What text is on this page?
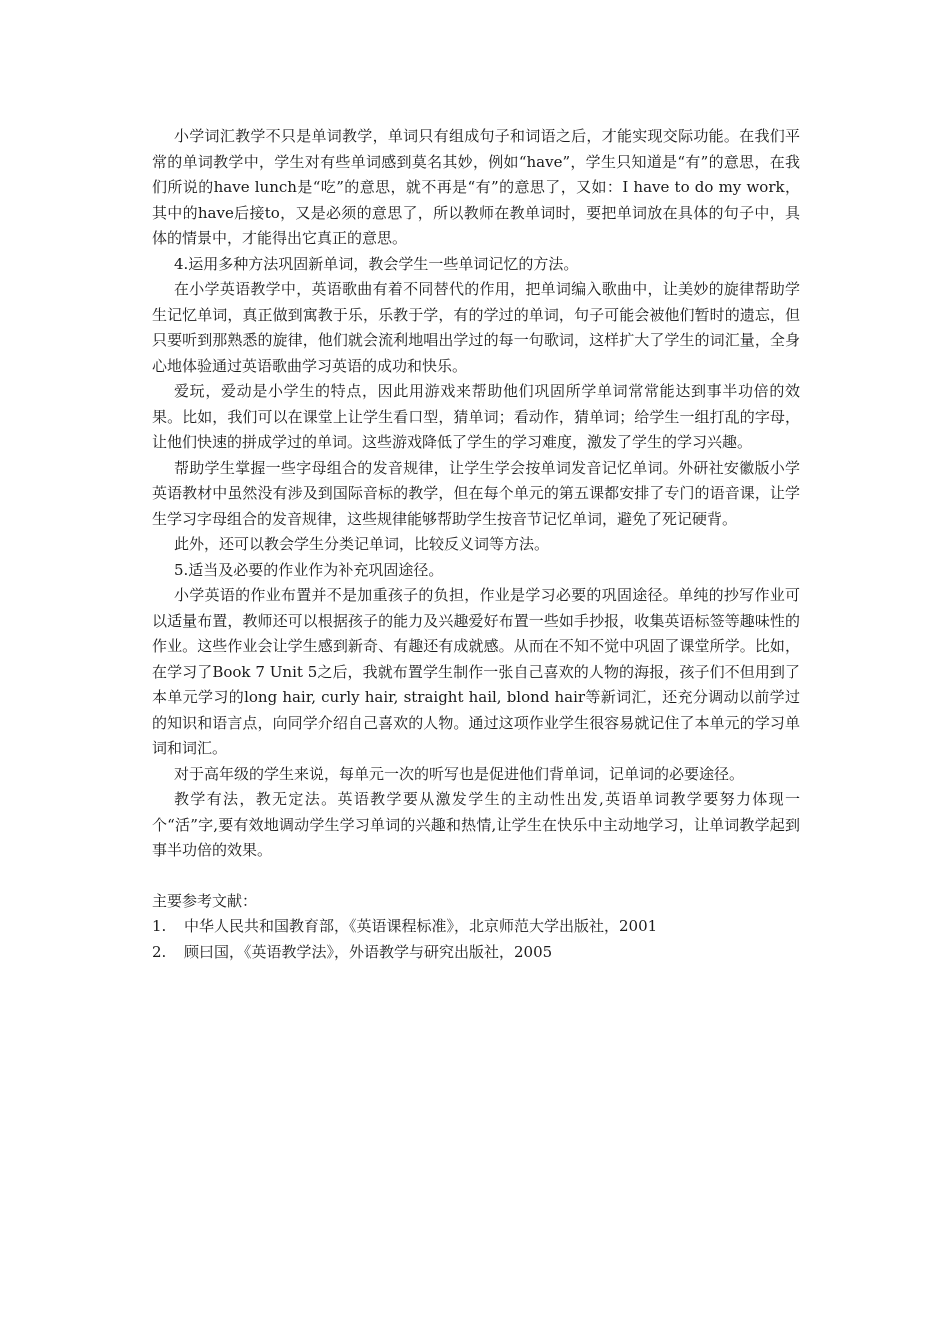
小学词汇教学不只是单词教学，单词只有组成句子和词语之后，才能实现交际功能。在我们平常的单词教学中，学生对有些单词感到莫名其妙，例如“have”，学生只知道是“有”的意思，在我们所说的have lunch是“吃”的意思，就不再是“有”的意思了，又如：I have to do my work，其中的have后接to，又是必须的意思了，所以教师在教单词时，要把单词放在具体的句子中，具体的情景中，才能得出它真正的意思。

4.运用多种方法巩固新单词，教会学生一些单词记忆的方法。

在小学英语教学中，英语歌曲有着不同替代的作用，把单词编入歌曲中，让美妙的旋律帮助学生记忆单词，真正做到寓教于乐，乐教于学，有的学过的单词，句子可能会被他们暂时的遗忘，但只要听到那熟悉的旋律，他们就会流利地唱出学过的每一句歌词，这样扩大了学生的词汇量，全身心地体验通过英语歌曲学习英语的成功和快乐。

爱玩，爱动是小学生的特点，因此用游戏来帮助他们巩固所学单词常常能达到事半功倍的效果。比如，我们可以在课堂上让学生看口型，猜单词；看动作，猜单词；给学生一组打乱的字母，让他们快速的拼成学过的单词。这些游戏降低了学生的学习难度，激发了学生的学习兴趣。

帮助学生掌握一些字母组合的发音规律，让学生学会按单词发音记忆单词。外研社安徽版小学英语教材中虽然没有涉及到国际音标的教学，但在每个单元的第五课都安排了专门的语音课，让学生学习字母组合的发音规律，这些规律能够帮助学生按音节记忆单词，避免了死记硬背。

此外，还可以教会学生分类记单词，比较反义词等方法。

5.适当及必要的作业作为补充巩固途径。

小学英语的作业布置并不是加重孩子的负担，作业是学习必要的巩固途径。单纯的抄写作业可以适量布置，教师还可以根据孩子的能力及兴趣爱好布置一些如手抄报，收集英语标签等趣味性的作业。这些作业会让学生感到新奇、有趣还有成就感。从而在不知不觉中巩固了课堂所学。比如，在学习了Book 7 Unit 5之后，我就布置学生制作一张自己喜欢的人物的海报，孩子们不但用到了本单元学习的long hair, curly hair, straight hail, blond hair等新词汇，还充分调动以前学过的知识和语言点，向同学介绍自己喜欢的人物。通过这项作业学生很容易就记住了本单元的学习单词和词汇。

对于高年级的学生来说，每单元一次的听写也是促进他们背单词，记单词的必要途径。

教学有法，教无定法。英语教学要从激发学生的主动性出发,英语单词教学要努力体现一个“活”字,要有效地调动学生学习单词的兴趣和热情,让学生在快乐中主动地学习，让单词教学起到事半功倍的效果。

主要参考文献：

1.	中华人民共和国教育部，《英语课程标准》，北京师范大学出版社，2001
2.	顾曰国，《英语教学法》，外语教学与研究出版社，2005
